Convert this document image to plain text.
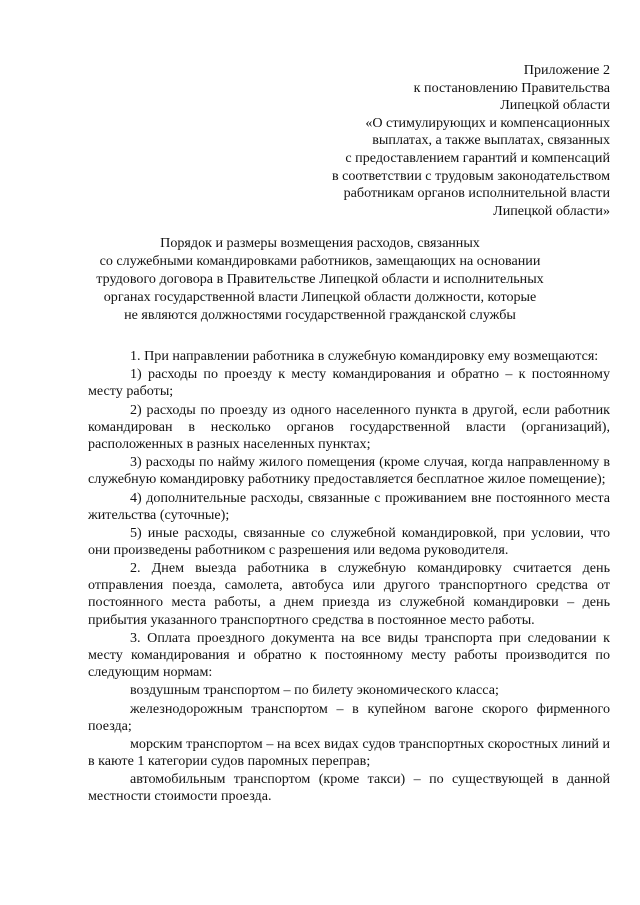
Приложение 2
к постановлению Правительства
Липецкой области
«О стимулирующих и компенсационных
выплатах, а также выплатах, связанных
с предоставлением гарантий и компенсаций
в соответствии с трудовым законодательством
работникам органов исполнительной власти
Липецкой области»
Порядок и размеры возмещения расходов, связанных
со служебными командировками работников, замещающих на основании
трудового договора в Правительстве Липецкой области и исполнительных
органах государственной власти Липецкой области должности, которые
не являются должностями государственной гражданской службы

1. При направлении работника в служебную командировку ему возмещаются:

1) расходы по проезду к месту командирования и обратно – к постоянному месту работы;

2) расходы по проезду из одного населенного пункта в другой, если работник командирован в несколько органов государственной власти (организаций), расположенных в разных населенных пунктах;

3) расходы по найму жилого помещения (кроме случая, когда направленному в служебную командировку работнику предоставляется бесплатное жилое помещение);

4) дополнительные расходы, связанные с проживанием вне постоянного места жительства (суточные);

5) иные расходы, связанные со служебной командировкой, при условии, что они произведены работником с разрешения или ведома руководителя.

2. Днем выезда работника в служебную командировку считается день отправления поезда, самолета, автобуса или другого транспортного средства от постоянного места работы, а днем приезда из служебной командировки – день прибытия указанного транспортного средства в постоянное место работы.

3. Оплата проездного документа на все виды транспорта при следовании к месту командирования и обратно к постоянному месту работы производится по следующим нормам:

воздушным транспортом – по билету экономического класса;

железнодорожным транспортом – в купейном вагоне скорого фирменного поезда;

морским транспортом – на всех видах судов транспортных скоростных линий и в каюте 1 категории судов паромных переправ;

автомобильным транспортом (кроме такси) – по существующей в данной местности стоимости проезда.
